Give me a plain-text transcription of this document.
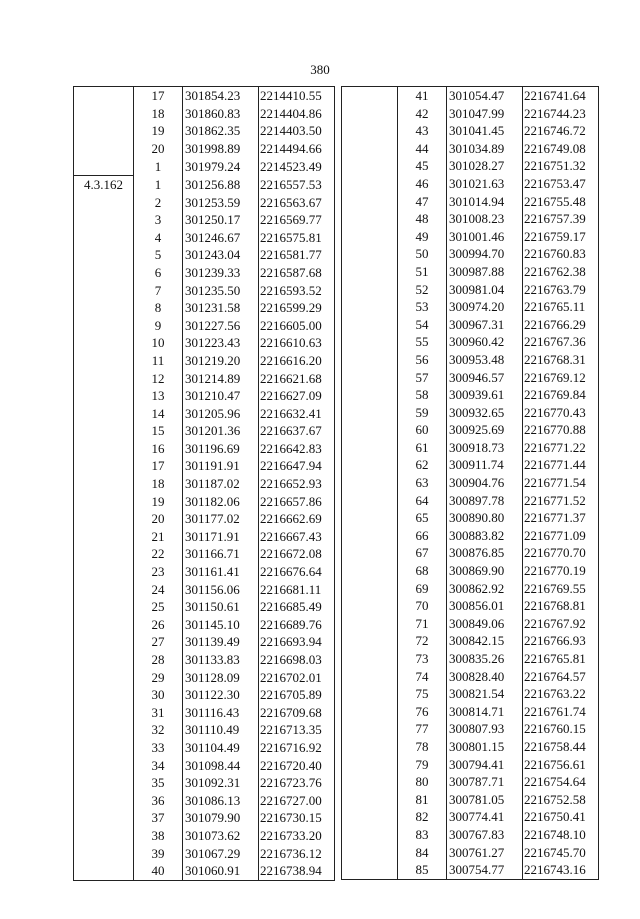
380
	17	301854.23	2214410.55
	18	301860.83	2214404.86
	19	301862.35	2214403.50
	20	301998.89	2214494.66
	1	301979.24	2214523.49
4.3.162	1	301256.88	2216557.53
	2	301253.59	2216563.67
	3	301250.17	2216569.77
	4	301246.67	2216575.81
	5	301243.04	2216581.77
	6	301239.33	2216587.68
	7	301235.50	2216593.52
	8	301231.58	2216599.29
	9	301227.56	2216605.00
	10	301223.43	2216610.63
	11	301219.20	2216616.20
	12	301214.89	2216621.68
	13	301210.47	2216627.09
	14	301205.96	2216632.41
	15	301201.36	2216637.67
	16	301196.69	2216642.83
	17	301191.91	2216647.94
	18	301187.02	2216652.93
	19	301182.06	2216657.86
	20	301177.02	2216662.69
	21	301171.91	2216667.43
	22	301166.71	2216672.08
	23	301161.41	2216676.64
	24	301156.06	2216681.11
	25	301150.61	2216685.49
	26	301145.10	2216689.76
	27	301139.49	2216693.94
	28	301133.83	2216698.03
	29	301128.09	2216702.01
	30	301122.30	2216705.89
	31	301116.43	2216709.68
	32	301110.49	2216713.35
	33	301104.49	2216716.92
	34	301098.44	2216720.40
	35	301092.31	2216723.76
	36	301086.13	2216727.00
	37	301079.90	2216730.15
	38	301073.62	2216733.20
	39	301067.29	2216736.12
	40	301060.91	2216738.94
	41	301054.47	2216741.64
	42	301047.99	2216744.23
	43	301041.45	2216746.72
	44	301034.89	2216749.08
	45	301028.27	2216751.32
	46	301021.63	2216753.47
	47	301014.94	2216755.48
	48	301008.23	2216757.39
	49	301001.46	2216759.17
	50	300994.70	2216760.83
	51	300987.88	2216762.38
	52	300981.04	2216763.79
	53	300974.20	2216765.11
	54	300967.31	2216766.29
	55	300960.42	2216767.36
	56	300953.48	2216768.31
	57	300946.57	2216769.12
	58	300939.61	2216769.84
	59	300932.65	2216770.43
	60	300925.69	2216770.88
	61	300918.73	2216771.22
	62	300911.74	2216771.44
	63	300904.76	2216771.54
	64	300897.78	2216771.52
	65	300890.80	2216771.37
	66	300883.82	2216771.09
	67	300876.85	2216770.70
	68	300869.90	2216770.19
	69	300862.92	2216769.55
	70	300856.01	2216768.81
	71	300849.06	2216767.92
	72	300842.15	2216766.93
	73	300835.26	2216765.81
	74	300828.40	2216764.57
	75	300821.54	2216763.22
	76	300814.71	2216761.74
	77	300807.93	2216760.15
	78	300801.15	2216758.44
	79	300794.41	2216756.61
	80	300787.71	2216754.64
	81	300781.05	2216752.58
	82	300774.41	2216750.41
	83	300767.83	2216748.10
	84	300761.27	2216745.70
	85	300754.77	2216743.16
